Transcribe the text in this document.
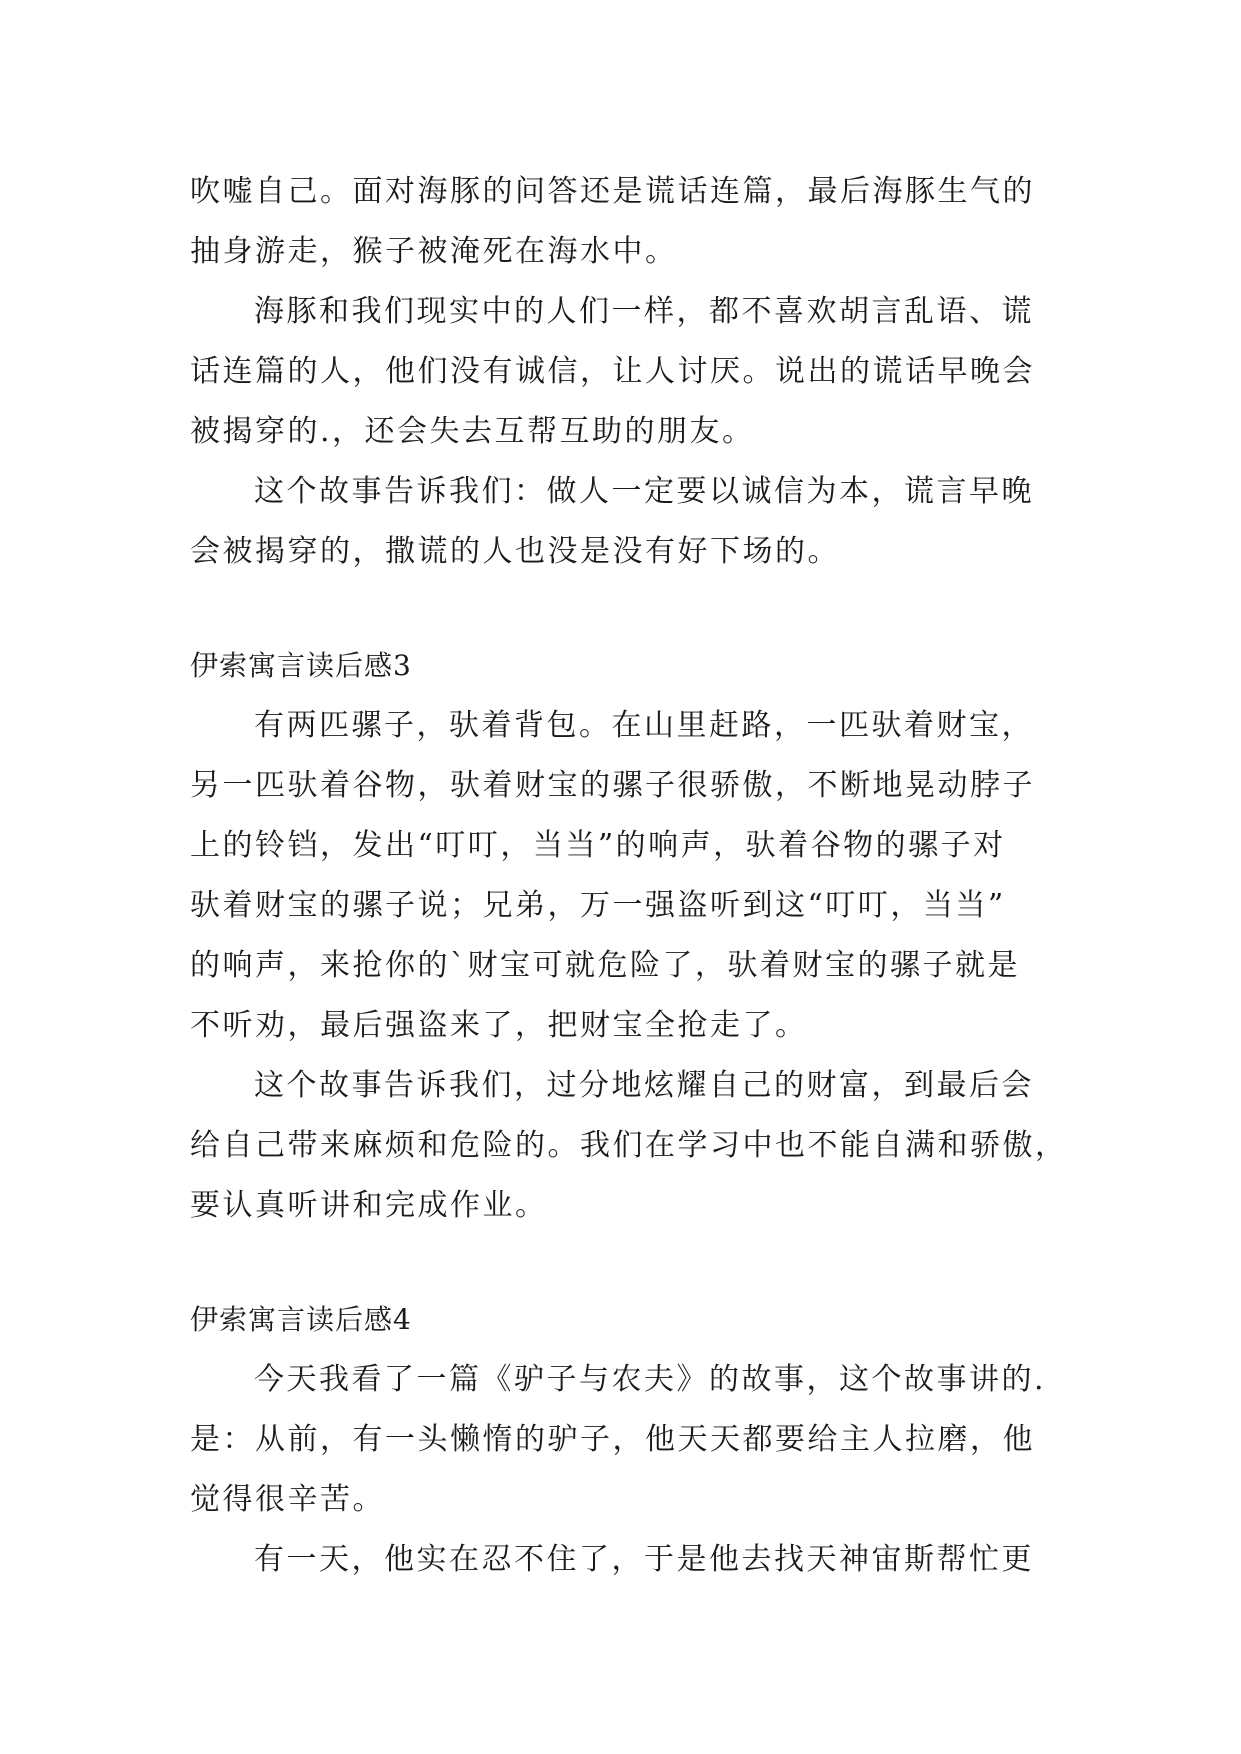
吹嘘自己。面对海豚的问答还是谎话连篇，最后海豚生气的
抽身游走，猴子被淹死在海水中。
海豚和我们现实中的人们一样，都不喜欢胡言乱语、谎
话连篇的人，他们没有诚信，让人讨厌。说出的谎话早晚会
被揭穿的.，还会失去互帮互助的朋友。
这个故事告诉我们：做人一定要以诚信为本，谎言早晚
会被揭穿的，撒谎的人也没是没有好下场的。
伊索寓言读后感3
有两匹骡子，驮着背包。在山里赶路，一匹驮着财宝，
另一匹驮着谷物，驮着财宝的骡子很骄傲，不断地晃动脖子
上的铃铛，发出“叮叮，当当”的响声，驮着谷物的骡子对
驮着财宝的骡子说；兄弟，万一强盗听到这“叮叮，当当”
的响声，来抢你的`财宝可就危险了，驮着财宝的骡子就是
不听劝，最后强盗来了，把财宝全抢走了。
这个故事告诉我们，过分地炫耀自己的财富，到最后会
给自己带来麻烦和危险的。我们在学习中也不能自满和骄傲，
要认真听讲和完成作业。
伊索寓言读后感4
今天我看了一篇《驴子与农夫》的故事，这个故事讲的.
是：从前，有一头懒惰的驴子，他天天都要给主人拉磨，他
觉得很辛苦。
有一天，他实在忍不住了，于是他去找天神宙斯帮忙更
